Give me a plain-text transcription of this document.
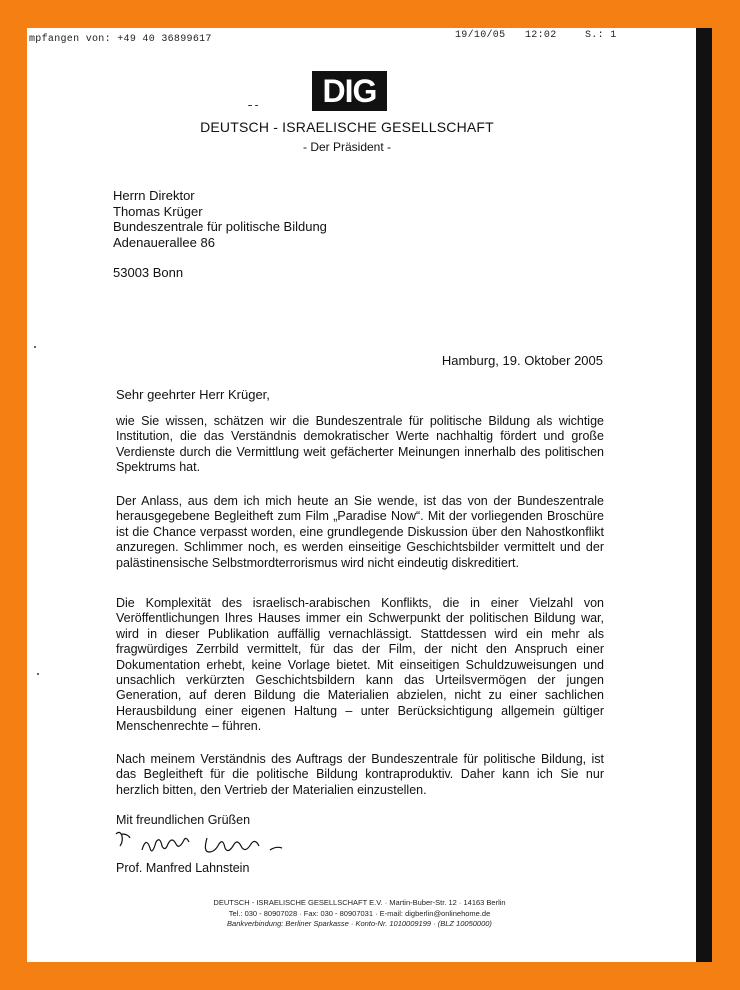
mpfangen von: +49 40 36899617	19/10/05 12:02	S.: 1
DIG
DEUTSCH - ISRAELISCHE GESELLSCHAFT
- Der Präsident -
Herrn Direktor
Thomas Krüger
Bundeszentrale für politische Bildung
Adenauerallee 86
53003 Bonn
Hamburg, 19. Oktober 2005
Sehr geehrter Herr Krüger,
wie Sie wissen, schätzen wir die Bundeszentrale für politische Bildung als wichtige Institution, die das Verständnis demokratischer Werte nachhaltig fördert und große Verdienste durch die Vermittlung weit gefächerter Meinungen innerhalb des politischen Spektrums hat.
Der Anlass, aus dem ich mich heute an Sie wende, ist das von der Bundeszentrale herausgegebene Begleitheft zum Film „Paradise Now“. Mit der vorliegenden Broschüre ist die Chance verpasst worden, eine grundlegende Diskussion über den Nahostkonflikt anzuregen. Schlimmer noch, es werden einseitige Geschichtsbilder vermittelt und der palästinensische Selbstmordterrorismus wird nicht eindeutig diskreditiert.
Die Komplexität des israelisch-arabischen Konflikts, die in einer Vielzahl von Veröffentlichungen Ihres Hauses immer ein Schwerpunkt der politischen Bildung war, wird in dieser Publikation auffällig vernachlässigt. Stattdessen wird ein mehr als fragwürdiges Zerrbild vermittelt, für das der Film, der nicht den Anspruch einer Dokumentation erhebt, keine Vorlage bietet. Mit einseitigen Schuldzuweisungen und unsachlich verkürzten Geschichtsbildern kann das Urteilsvermögen der jungen Generation, auf deren Bildung die Materialien abzielen, nicht zu einer sachlichen Herausbildung einer eigenen Haltung – unter Berücksichtigung allgemein gültiger Menschenrechte – führen.
Nach meinem Verständnis des Auftrags der Bundeszentrale für politische Bildung, ist das Begleitheft für die politische Bildung kontraproduktiv. Daher kann ich Sie nur herzlich bitten, den Vertrieb der Materialien einzustellen.
Mit freundlichen Grüßen
Prof. Manfred Lahnstein
DEUTSCH - ISRAELISCHE GESELLSCHAFT E.V. · Martin-Buber-Str. 12 · 14163 Berlin
Tel.: 030 - 80907028 · Fax: 030 - 80907031 · E-mail: digberlin@onlinehome.de
Bankverbindung: Berliner Sparkasse · Konto-Nr. 1010009199 · (BLZ 10050000)
